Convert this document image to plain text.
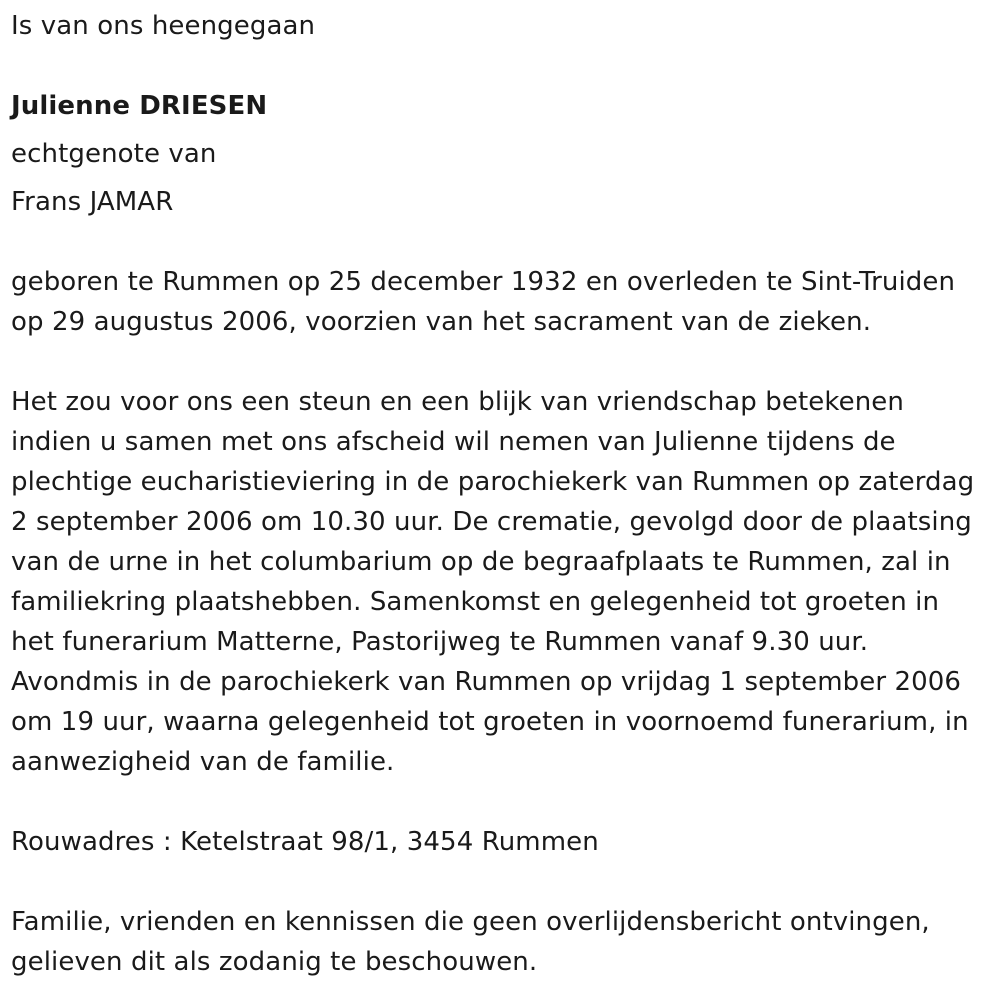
Is van ons heengegaan
Julienne DRIESEN
echtgenote van
Frans JAMAR
geboren te Rummen op 25 december 1932 en overleden te Sint-Truiden
op 29 augustus 2006, voorzien van het sacrament van de zieken.
Het zou voor ons een steun en een blijk van vriendschap betekenen
indien u samen met ons afscheid wil nemen van Julienne tijdens de
plechtige eucharistieviering in de parochiekerk van Rummen op zaterdag
2 september 2006 om 10.30 uur. De crematie, gevolgd door de plaatsing
van de urne in het columbarium op de begraafplaats te Rummen, zal in
familiekring plaatshebben. Samenkomst en gelegenheid tot groeten in
het funerarium Matterne, Pastorijweg te Rummen vanaf 9.30 uur.
Avondmis in de parochiekerk van Rummen op vrijdag 1 september 2006
om 19 uur, waarna gelegenheid tot groeten in voornoemd funerarium, in
aanwezigheid van de familie.
Rouwadres : Ketelstraat 98/1, 3454 Rummen
Familie, vrienden en kennissen die geen overlijdensbericht ontvingen,
gelieven dit als zodanig te beschouwen.
